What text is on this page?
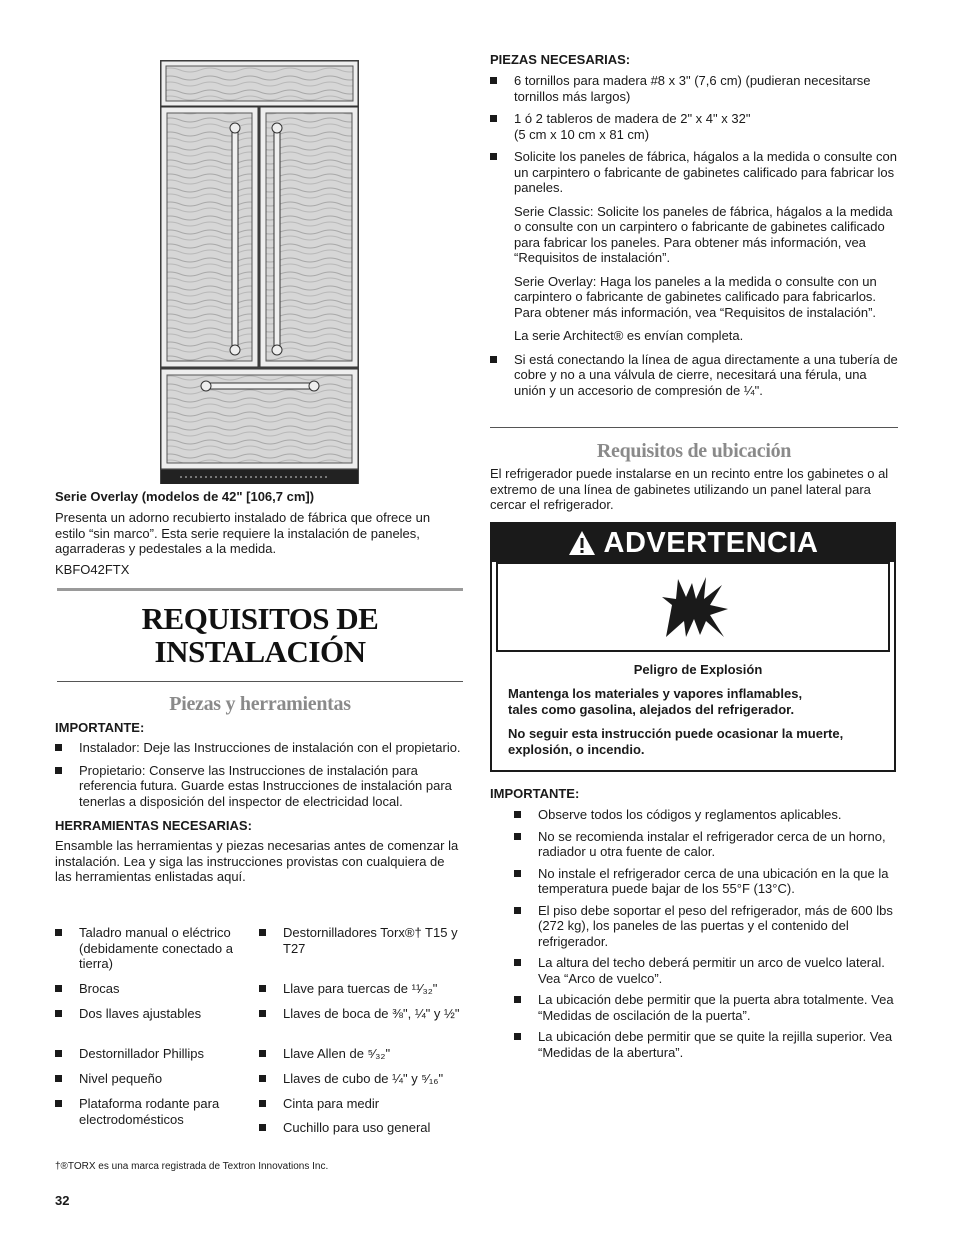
Serie Overlay (modelos de 42" [106,7 cm])

Presenta un adorno recubierto instalado de fábrica que ofrece un estilo “sin marco”. Esta serie requiere la instalación de paneles, agarraderas y pedestales a la medida.

KBFO42FTX
REQUISITOS DE
INSTALACIÓN
Piezas y herramientas
IMPORTANTE:
Instalador: Deje las Instrucciones de instalación con el propietario.
Propietario: Conserve las Instrucciones de instalación para referencia futura. Guarde estas Instrucciones de instalación para tenerlas a disposición del inspector de electricidad local.
HERRAMIENTAS NECESARIAS:

Ensamble las herramientas y piezas necesarias antes de comenzar la instalación. Lea y siga las instrucciones provistas con cualquiera de las herramientas enlistadas aquí.

Taladro manual o eléctrico (debidamente conectado a tierra)
Brocas
Dos llaves ajustables
Destornillador Phillips
Nivel pequeño
Plataforma rodante para electrodomésticos
Destornilladores Torx®† T15 y T27
Llave para tuercas de ¹¹⁄₃₂"
Llaves de boca de ⅜", ¼" y ½"
Llave Allen de ⁵⁄₃₂"
Llaves de cubo de ¼" y ⁵⁄₁₆"
Cinta para medir
Cuchillo para uso general
PIEZAS NECESARIAS:
6 tornillos para madera #8 x 3" (7,6 cm) (pudieran necesitarse tornillos más largos)
1 ó 2 tableros de madera de 2" x 4" x 32"
(5 cm x 10 cm x 81 cm)
Solicite los paneles de fábrica, hágalos a la medida o consulte con un carpintero o fabricante de gabinetes calificado para fabricar los paneles.

Serie Classic: Solicite los paneles de fábrica, hágalos a la medida o consulte con un carpintero o fabricante de gabinetes calificado para fabricar los paneles. Para obtener más información, vea “Requisitos de instalación”.

Serie Overlay: Haga los paneles a la medida o consulte con un carpintero o fabricante de gabinetes calificado para fabricarlos. Para obtener más información, vea “Requisitos de instalación”.

La serie Architect® es envían completa.

Si está conectando la línea de agua directamente a una tubería de cobre y no a una válvula de cierre, necesitará una férula, una unión y un accesorio de compresión de ¼".
Requisitos de ubicación

El refrigerador puede instalarse en un recinto entre los gabinetes o al extremo de una línea de gabinetes utilizando un panel lateral para cercar el refrigerador.

ADVERTENCIA
Peligro de Explosión
Mantenga los materiales y vapores inflamables,
tales como gasolina, alejados del refrigerador.
No seguir esta instrucción puede ocasionar la muerte, explosión, o incendio.
IMPORTANTE:
Observe todos los códigos y reglamentos aplicables.
No se recomienda instalar el refrigerador cerca de un horno, radiador u otra fuente de calor.
No instale el refrigerador cerca de una ubicación en la que la temperatura puede bajar de los 55°F (13°C).
El piso debe soportar el peso del refrigerador, más de 600 lbs (272 kg), los paneles de las puertas y el contenido del refrigerador.
La altura del techo deberá permitir un arco de vuelco lateral. Vea “Arco de vuelco”.
La ubicación debe permitir que la puerta abra totalmente. Vea “Medidas de oscilación de la puerta”.
La ubicación debe permitir que se quite la rejilla superior. Vea “Medidas de la abertura”.
†®TORX es una marca registrada de Textron Innovations Inc.
32
